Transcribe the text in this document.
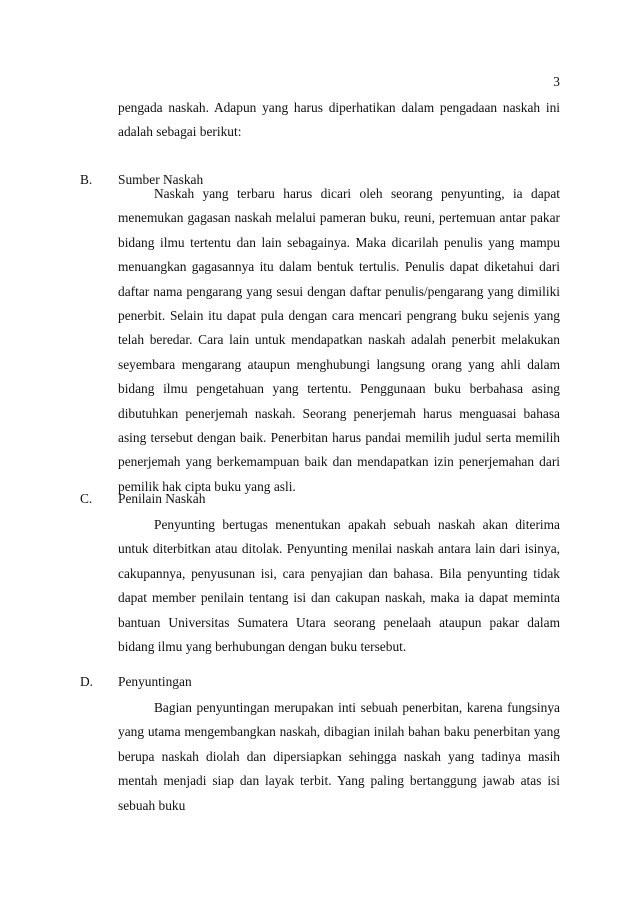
3

pengada naskah. Adapun yang harus diperhatikan dalam pengadaan naskah ini adalah sebagai berikut:

B. Sumber Naskah

Naskah yang terbaru harus dicari oleh seorang penyunting, ia dapat menemukan gagasan naskah melalui pameran buku, reuni, pertemuan antar pakar bidang ilmu tertentu dan lain sebagainya. Maka dicarilah penulis yang mampu menuangkan gagasannya itu dalam bentuk tertulis. Penulis dapat diketahui dari daftar nama pengarang yang sesui dengan daftar penulis/pengarang yang dimiliki penerbit. Selain itu dapat pula dengan cara mencari pengrang buku sejenis yang telah beredar. Cara lain untuk mendapatkan naskah adalah penerbit melakukan seyembara mengarang ataupun menghubungi langsung orang yang ahli dalam bidang ilmu pengetahuan yang tertentu. Penggunaan buku berbahasa asing dibutuhkan penerjemah naskah. Seorang penerjemah harus menguasai bahasa asing tersebut dengan baik. Penerbitan harus pandai memilih judul serta memilih penerjemah yang berkemampuan baik dan mendapatkan izin penerjemahan dari pemilik hak cipta buku yang asli.

C. Penilain Naskah

Penyunting bertugas menentukan apakah sebuah naskah akan diterima untuk diterbitkan atau ditolak. Penyunting menilai naskah antara lain dari isinya, cakupannya, penyusunan isi, cara penyajian dan bahasa. Bila penyunting tidak dapat member penilain tentang isi dan cakupan naskah, maka ia dapat meminta bantuan Universitas Sumatera Utara seorang penelaah ataupun pakar dalam bidang ilmu yang berhubungan dengan buku tersebut.

D. Penyuntingan

Bagian penyuntingan merupakan inti sebuah penerbitan, karena fungsinya yang utama mengembangkan naskah, dibagian inilah bahan baku penerbitan yang berupa naskah diolah dan dipersiapkan sehingga naskah yang tadinya masih mentah menjadi siap dan layak terbit. Yang paling bertanggung jawab atas isi sebuah buku
